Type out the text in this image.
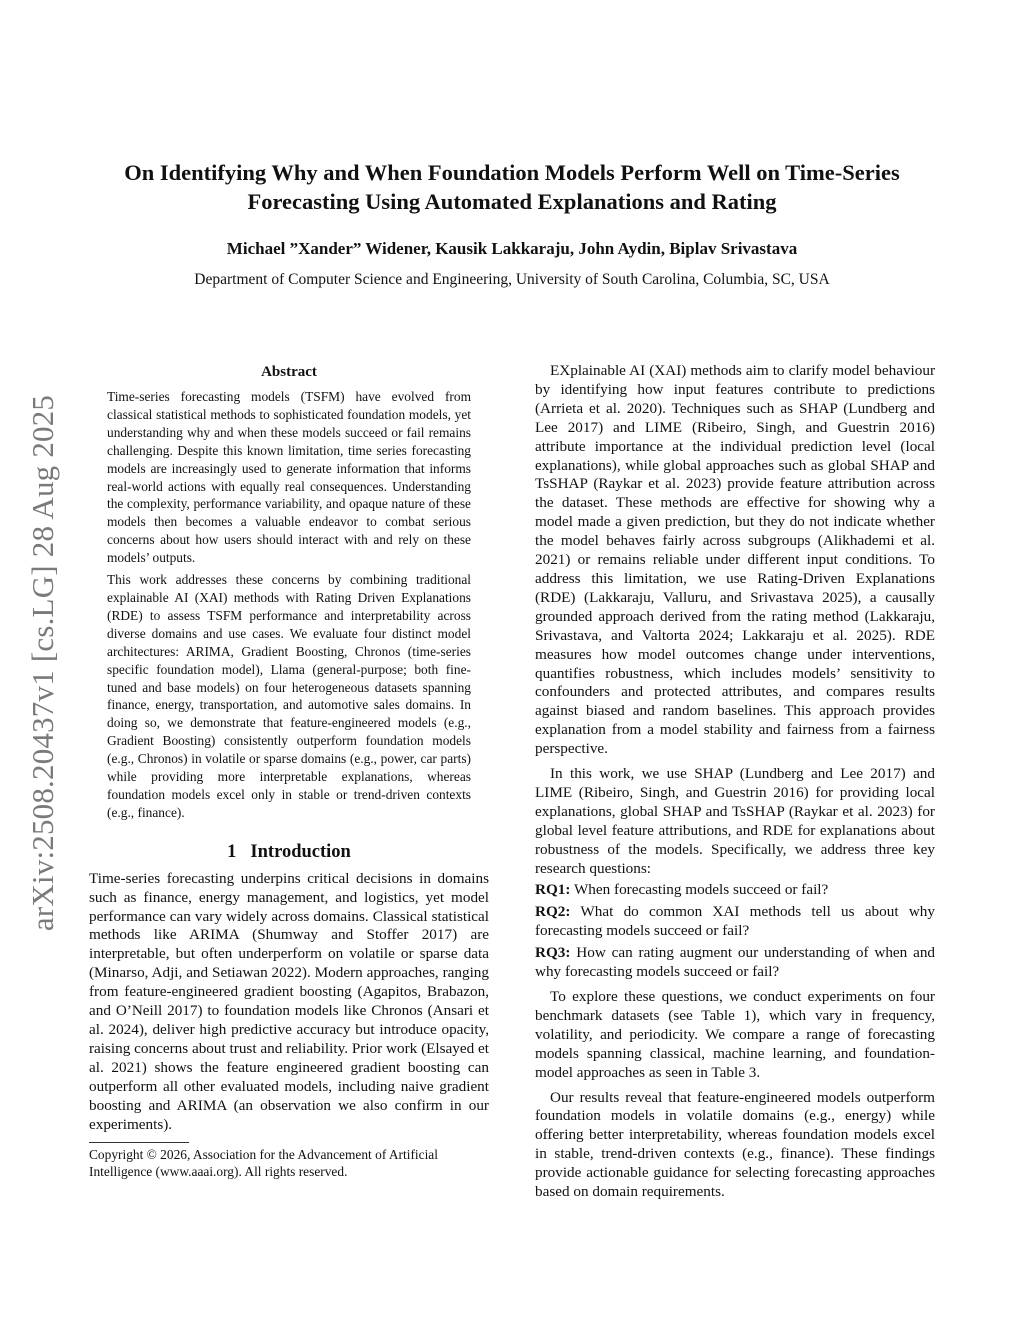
arXiv:2508.20437v1 [cs.LG] 28 Aug 2025
On Identifying Why and When Foundation Models Perform Well on Time-Series
Forecasting Using Automated Explanations and Rating
Michael ”Xander” Widener, Kausik Lakkaraju, John Aydin, Biplav Srivastava
Department of Computer Science and Engineering, University of South Carolina, Columbia, SC, USA
Abstract

Time-series forecasting models (TSFM) have evolved from classical statistical methods to sophisticated foundation models, yet understanding why and when these models succeed or fail remains challenging. Despite this known limitation, time series forecasting models are increasingly used to generate information that informs real-world actions with equally real consequences. Understanding the complexity, performance variability, and opaque nature of these models then becomes a valuable endeavor to combat serious concerns about how users should interact with and rely on these models’ outputs.

This work addresses these concerns by combining traditional explainable AI (XAI) methods with Rating Driven Explanations (RDE) to assess TSFM performance and interpretability across diverse domains and use cases. We evaluate four distinct model architectures: ARIMA, Gradient Boosting, Chronos (time-series specific foundation model), Llama (general-purpose; both fine-tuned and base models) on four heterogeneous datasets spanning finance, energy, transportation, and automotive sales domains. In doing so, we demonstrate that feature-engineered models (e.g., Gradient Boosting) consistently outperform foundation models (e.g., Chronos) in volatile or sparse domains (e.g., power, car parts) while providing more interpretable explanations, whereas foundation models excel only in stable or trend-driven contexts (e.g., finance).

1 Introduction

Time-series forecasting underpins critical decisions in domains such as finance, energy management, and logistics, yet model performance can vary widely across domains. Classical statistical methods like ARIMA (Shumway and Stoffer 2017) are interpretable, but often underperform on volatile or sparse data (Minarso, Adji, and Setiawan 2022). Modern approaches, ranging from feature-engineered gradient boosting (Agapitos, Brabazon, and O’Neill 2017) to foundation models like Chronos (Ansari et al. 2024), deliver high predictive accuracy but introduce opacity, raising concerns about trust and reliability. Prior work (Elsayed et al. 2021) shows the feature engineered gradient boosting can outperform all other evaluated models, including naive gradient boosting and ARIMA (an observation we also confirm in our experiments).

Copyright © 2026, Association for the Advancement of Artificial Intelligence (www.aaai.org). All rights reserved.

EXplainable AI (XAI) methods aim to clarify model behaviour by identifying how input features contribute to predictions (Arrieta et al. 2020). Techniques such as SHAP (Lundberg and Lee 2017) and LIME (Ribeiro, Singh, and Guestrin 2016) attribute importance at the individual prediction level (local explanations), while global approaches such as global SHAP and TsSHAP (Raykar et al. 2023) provide feature attribution across the dataset. These methods are effective for showing why a model made a given prediction, but they do not indicate whether the model behaves fairly across subgroups (Alikhademi et al. 2021) or remains reliable under different input conditions. To address this limitation, we use Rating-Driven Explanations (RDE) (Lakkaraju, Valluru, and Srivastava 2025), a causally grounded approach derived from the rating method (Lakkaraju, Srivastava, and Valtorta 2024; Lakkaraju et al. 2025). RDE measures how model outcomes change under interventions, quantifies robustness, which includes models’ sensitivity to confounders and protected attributes, and compares results against biased and random baselines. This approach provides explanation from a model stability and fairness from a fairness perspective.

In this work, we use SHAP (Lundberg and Lee 2017) and LIME (Ribeiro, Singh, and Guestrin 2016) for providing local explanations, global SHAP and TsSHAP (Raykar et al. 2023) for global level feature attributions, and RDE for explanations about robustness of the models. Specifically, we address three key research questions:

RQ1: When forecasting models succeed or fail?

RQ2: What do common XAI methods tell us about why forecasting models succeed or fail?

RQ3: How can rating augment our understanding of when and why forecasting models succeed or fail?

To explore these questions, we conduct experiments on four benchmark datasets (see Table 1), which vary in frequency, volatility, and periodicity. We compare a range of forecasting models spanning classical, machine learning, and foundation-model approaches as seen in Table 3.

Our results reveal that feature-engineered models outperform foundation models in volatile domains (e.g., energy) while offering better interpretability, whereas foundation models excel in stable, trend-driven contexts (e.g., finance). These findings provide actionable guidance for selecting forecasting approaches based on domain requirements.
